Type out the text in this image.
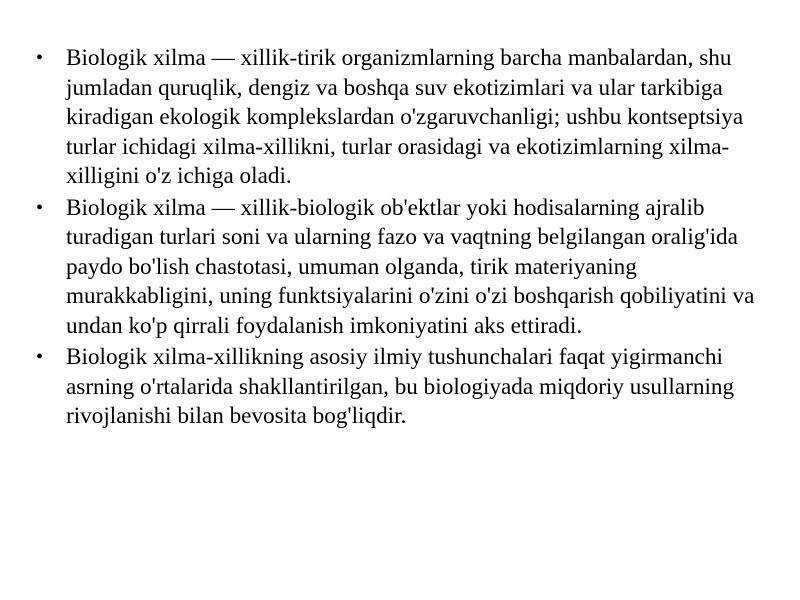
• Biologik xilma — xillik-tirik organizmlarning barcha manbalardan, shu jumladan quruqlik, dengiz va boshqa suv ekotizimlari va ular tarkibiga kiradigan ekologik komplekslardan o'zgaruvchanligi; ushbu kontseptsiya turlar ichidagi xilma-xillikni, turlar orasidagi va ekotizimlarning xilma-xilligini o'z ichiga oladi.
• Biologik xilma — xillik-biologik ob'ektlar yoki hodisalarning ajralib turadigan turlari soni va ularning fazo va vaqtning belgilangan oralig'ida paydo bo'lish chastotasi, umuman olganda, tirik materiyaning murakkabligini, uning funktsiyalarini o'zini o'zi boshqarish qobiliyatini va undan ko'p qirrali foydalanish imkoniyatini aks ettiradi.
• Biologik xilma-xillikning asosiy ilmiy tushunchalari faqat yigirmanchi asrning o'rtalarida shakllantirilgan, bu biologiyada miqdoriy usullarning rivojlanishi bilan bevosita bog'liqdir.
